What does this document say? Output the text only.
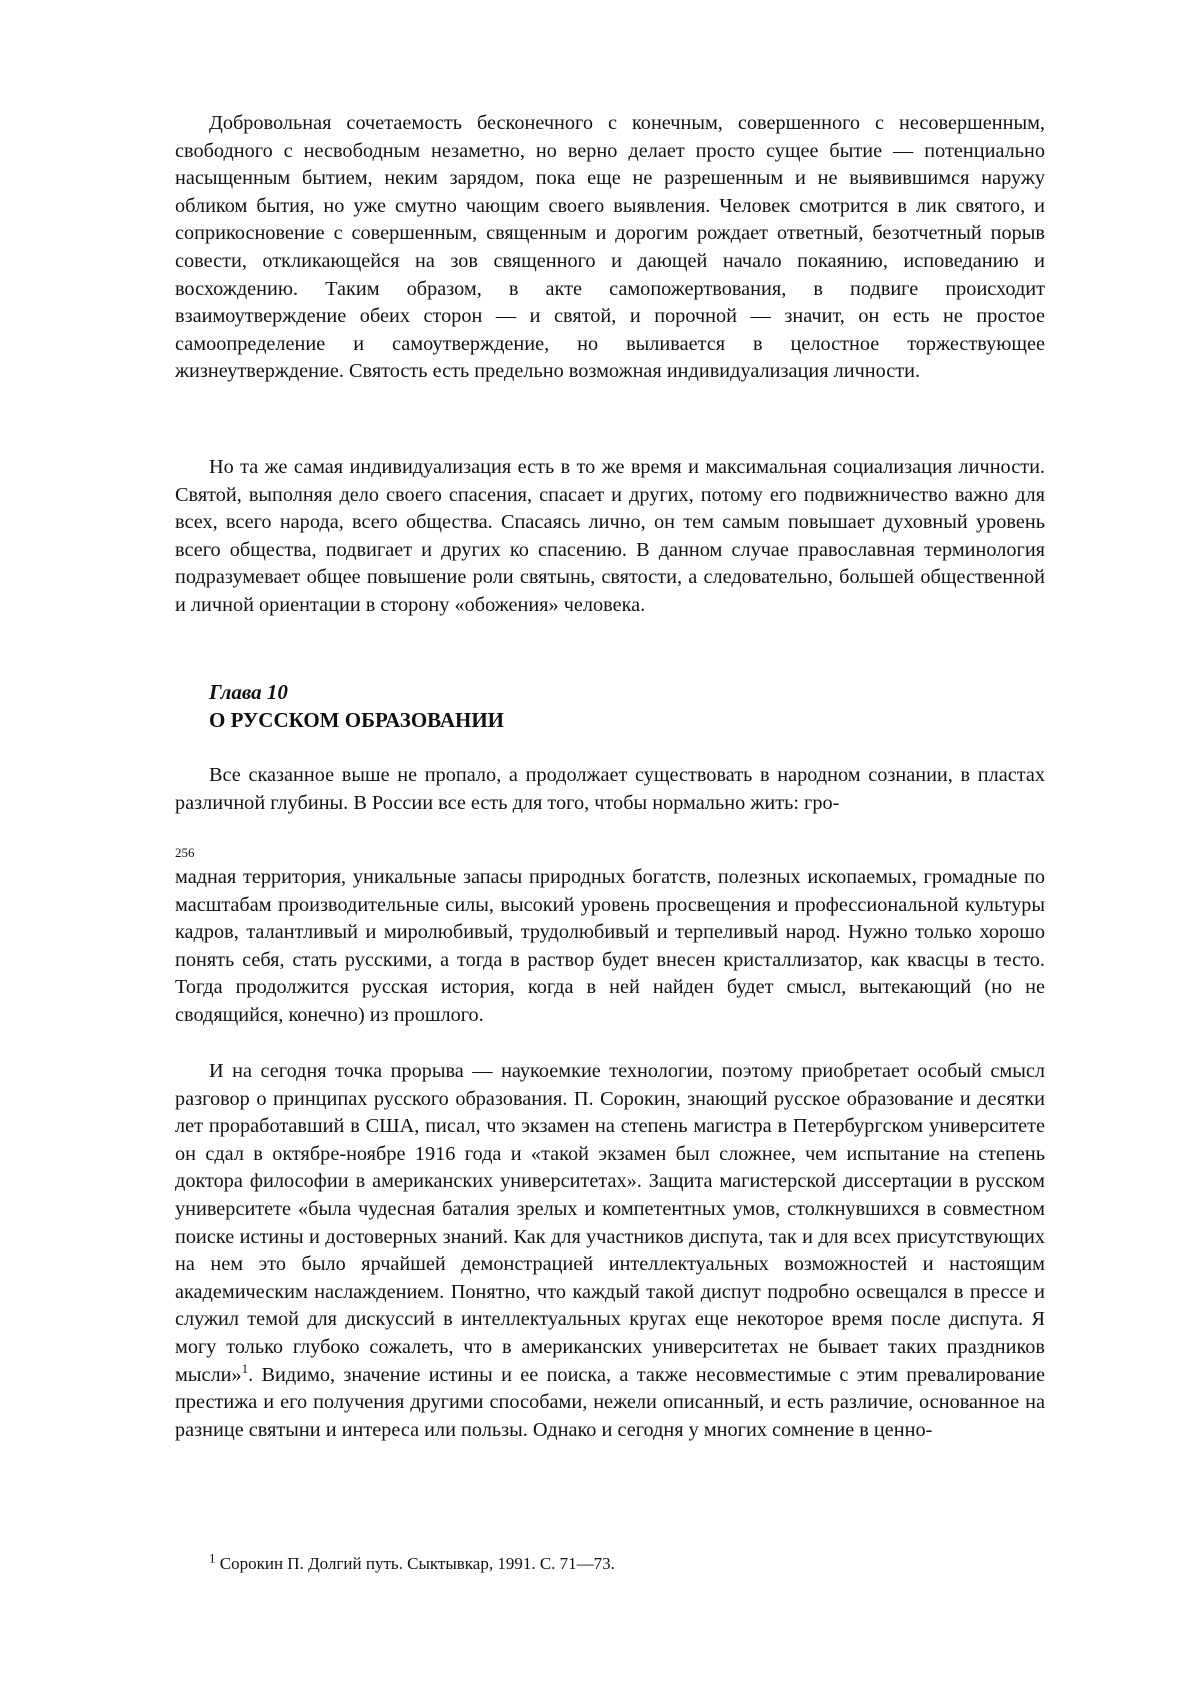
Добровольная сочетаемость бесконечного с конечным, совершенного с несовершенным, свободного с несвободным незаметно, но верно делает просто сущее бытие — потенциально насыщенным бытием, неким зарядом, пока еще не разрешенным и не выявившимся наружу обликом бытия, но уже смутно чающим своего выявления. Человек смотрится в лик святого, и соприкосновение с совершенным, священным и дорогим рождает ответный, безотчетный порыв совести, откликающейся на зов священного и дающей начало покаянию, исповеданию и восхождению. Таким образом, в акте самопожертвования, в подвиге происходит взаимоутверждение обеих сторон — и святой, и порочной — значит, он есть не простое самоопределение и самоутверждение, но выливается в целостное торжествующее жизнеутверждение. Святость есть предельно возможная индивидуализация личности.

Но та же самая индивидуализация есть в то же время и максимальная социализация личности. Святой, выполняя дело своего спасения, спасает и других, потому его подвижничество важно для всех, всего народа, всего общества. Спасаясь лично, он тем самым повышает духовный уровень всего общества, подвигает и других ко спасению. В данном случае православная терминология подразумевает общее повышение роли святынь, святости, а следовательно, большей общественной и личной ориентации в сторону «обожения» человека.

Глава 10
О РУССКОМ ОБРАЗОВАНИИ

Все сказанное выше не пропало, а продолжает существовать в народном сознании, в пластах различной глубины. В России все есть для того, чтобы нормально жить: гро-

256

мадная территория, уникальные запасы природных богатств, полезных ископаемых, громадные по масштабам производительные силы, высокий уровень просвещения и профессиональной культуры кадров, талантливый и миролюбивый, трудолюбивый и терпеливый народ. Нужно только хорошо понять себя, стать русскими, а тогда в раствор будет внесен кристаллизатор, как квасцы в тесто. Тогда продолжится русская история, когда в ней найден будет смысл, вытекающий (но не сводящийся, конечно) из прошлого.

И на сегодня точка прорыва — наукоемкие технологии, поэтому приобретает особый смысл разговор о принципах русского образования. П. Сорокин, знающий русское образование и десятки лет проработавший в США, писал, что экзамен на степень магистра в Петербургском университете он сдал в октябре-ноябре 1916 года и «такой экзамен был сложнее, чем испытание на степень доктора философии в американских университетах». Защита магистерской диссертации в русском университете «была чудесная баталия зрелых и компетентных умов, столкнувшихся в совместном поиске истины и достоверных знаний. Как для участников диспута, так и для всех присутствующих на нем это было ярчайшей демонстрацией интеллектуальных возможностей и настоящим академическим наслаждением. Понятно, что каждый такой диспут подробно освещался в прессе и служил темой для дискуссий в интеллектуальных кругах еще некоторое время после диспута. Я могу только глубоко сожалеть, что в американских университетах не бывает таких праздников мысли»$^1$. Видимо, значение истины и ее поиска, а также несовместимые с этим превалирование престижа и его получения другими способами, нежели описанный, и есть различие, основанное на разнице святыни и интереса или пользы. Однако и сегодня у многих сомнение в ценно-

$^1$ Сорокин П. Долгий путь. Сыктывкар, 1991. С. 71—73.
